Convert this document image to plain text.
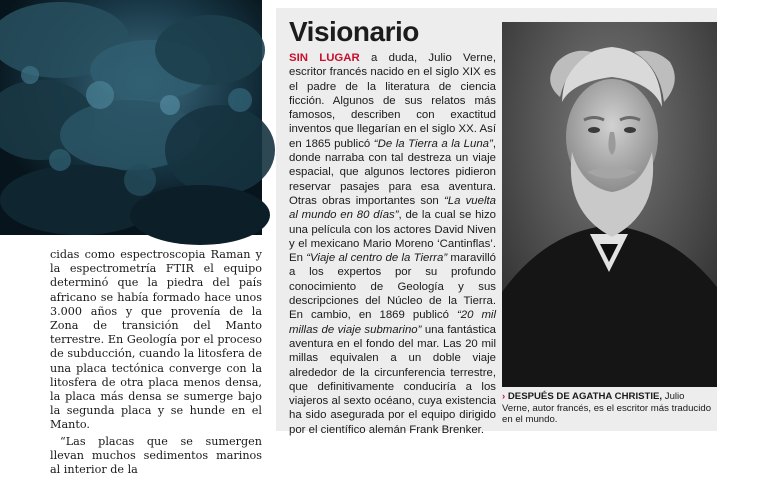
cidas como espectroscopia Raman y la espectrometría FTIR el equipo determinó que la piedra del país africano se había formado hace unos 3.000 años y que provenía de la Zona de transición del Manto terrestre. En Geología por el proceso de subducción, cuando la litosfera de una placa tectónica converge con la litosfera de otra placa menos densa, la placa más densa se sumerge bajo la segunda placa y se hunde en el Manto.

“Las placas que se sumergen llevan muchos sedimentos marinos al interior de la

Visionario
SIN LUGAR a duda, Julio Verne, escritor francés nacido en el siglo XIX es el padre de la literatura de ciencia ficción. Algunos de sus relatos más famosos, describen con exactitud inventos que llegarían en el siglo XX. Así en 1865 publicó “De la Tierra a la Luna”, donde narraba con tal destreza un viaje espacial, que algunos lectores pidieron reservar pasajes para esa aventura. Otras obras importantes son “La vuelta al mundo en 80 días”, de la cual se hizo una película con los actores David Niven y el mexicano Mario Moreno ‘Cantinflas’. En “Viaje al centro de la Tierra” maravilló a los expertos por su profundo conocimiento de Geología y sus descripciones del Núcleo de la Tierra. En cambio, en 1869 publicó “20 mil millas de viaje submarino” una fantástica aventura en el fondo del mar. Las 20 mil millas equivalen a un doble viaje alrededor de la circunferencia terrestre, que definitivamente conduciría a los viajeros al sexto océano, cuya existencia ha sido asegurada por el equipo dirigido por el científico alemán Frank Brenker.
› DESPUÉS DE AGATHA CHRISTIE, Julio Verne, autor francés, es el escritor más traducido en el mundo.
